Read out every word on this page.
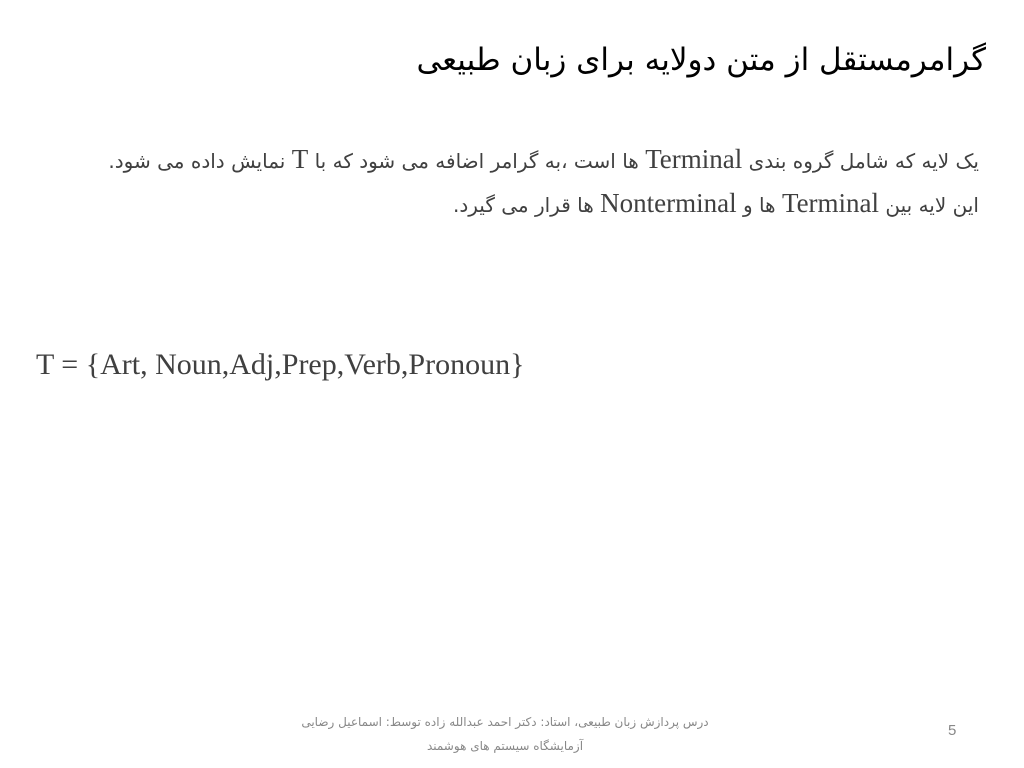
گرامرمستقل از متن دولایه برای زبان طبیعی

یک لایه که شامل گروه بندی Terminal ها است ،به گرامر اضافه می شود که با T نمایش داده می شود.

این لایه بین Terminal ها و Nonterminal ها قرار می گیرد.

T = {Art, Noun,Adj,Prep,Verb,Pronoun}
درس پردازش زبان طبیعی، استاد: دکتر احمد عبدالله زاده توسط: اسماعیل رضایی
آزمایشگاه سیستم های هوشمند
5
